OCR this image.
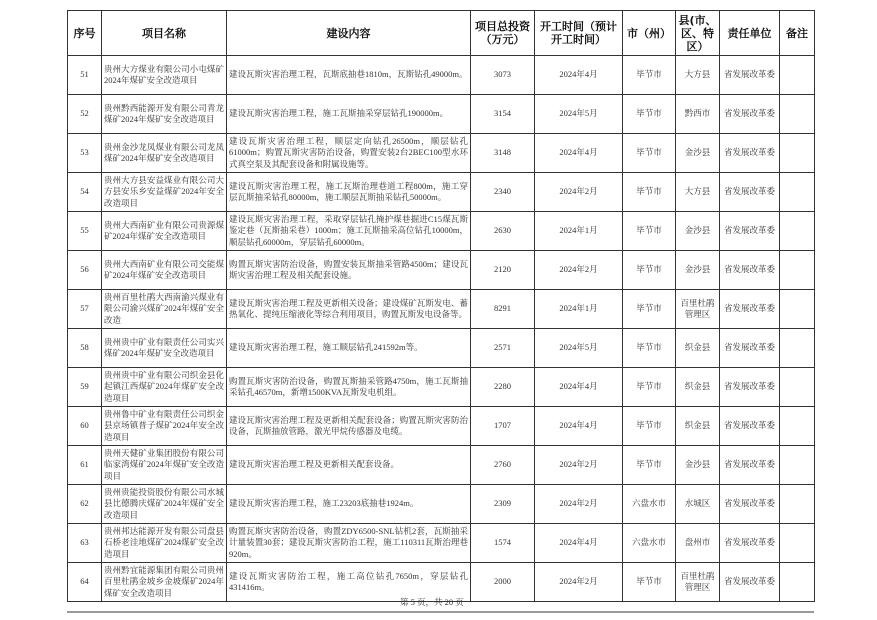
序号	项目名称	建设内容	项目总投资（万元）	开工时间（预计开工时间）	市（州）	县(市、区、特区）	责任单位	备注
51	贵州大方煤业有限公司小屯煤矿2024年煤矿安全改造项目	建设瓦斯灾害治理工程，瓦斯底抽巷1810m，瓦斯钻孔49000m。	3073	2024年4月	毕节市	大方县	省发展改革委	
52	贵州黔西能源开发有限公司青龙煤矿2024年煤矿安全改造项目	建设瓦斯灾害治理工程，施工瓦斯抽采穿层钻孔190000m。	3154	2024年5月	毕节市	黔西市	省发展改革委	
53	贵州金沙龙凤煤业有限公司龙凤煤矿2024年煤矿安全改造项目	建设瓦斯灾害治理工程，顺层定向钻孔26500m，顺层钻孔61000m；购置瓦斯灾害防治设备，购置安装2台2BEC100型水环式真空泵及其配套设备和附属设施等。	3148	2024年4月	毕节市	金沙县	省发展改革委	
54	贵州大方县安益煤业有限公司大方县安乐乡安益煤矿2024年安全改造项目	建设瓦斯灾害治理工程，施工瓦斯治理巷道工程800m，施工穿层瓦斯抽采钻孔80000m，施工顺层瓦斯抽采钻孔50000m。	2340	2024年2月	毕节市	大方县	省发展改革委	
55	贵州大西南矿业有限公司贵源煤矿2024年煤矿安全改造项目	建设瓦斯灾害治理工程，采取穿层钻孔掩护煤巷掘进C15煤瓦斯鉴定巷（瓦斯抽采巷）1000m；施工瓦斯抽采高位钻孔10000m，顺层钻孔60000m，穿层钻孔60000m。	2630	2024年1月	毕节市	金沙县	省发展改革委	
56	贵州大西南矿业有限公司交能煤矿2024年煤矿安全改造项目	购置瓦斯灾害防治设备，购置安装瓦斯抽采管路4500m；建设瓦斯灾害治理工程及相关配套设施。	2120	2024年2月	毕节市	金沙县	省发展改革委	
57	贵州百里杜鹃大西南渝兴煤业有限公司渝兴煤矿2024年煤矿安全改造	建设瓦斯灾害治理工程及更新相关设备；建设煤矿瓦斯发电、蓄热氧化、提纯压缩液化等综合利用项目，购置瓦斯发电设备等。	8291	2024年1月	毕节市	百里杜鹃管理区	省发展改革委	
58	贵州贵中矿业有限责任公司实兴煤矿2024年煤矿安全改造项目	建设瓦斯灾害治理工程，施工顺层钻孔241592m等。	2571	2024年5月	毕节市	织金县	省发展改革委	
59	贵州贵中矿业有限公司织金县化起镇江西煤矿2024年煤矿安全改造项目	购置瓦斯灾害防治设备，购置瓦斯抽采管路4750m，施工瓦斯抽采钻孔46570m，新增1500KVA瓦斯发电机组。	2280	2024年4月	毕节市	织金县	省发展改革委	
60	贵州鲁中矿业有限责任公司织金县京场镇普子煤矿2024年安全改造项目	建设瓦斯灾害治理工程及更新相关配套设备；购置瓦斯灾害防治设备，瓦斯抽放管路，激光甲烷传感器及电缆。	1707	2024年4月	毕节市	织金县	省发展改革委	
61	贵州天健矿业集团股份有限公司临家湾煤矿2024年煤矿安全改造项目	建设瓦斯灾害治理工程及更新相关配套设备。	2760	2024年2月	毕节市	金沙县	省发展改革委	
62	贵州贵能投资股份有限公司水城县比德腾庆煤矿2024年煤矿安全改造项目	建设瓦斯灾害治理工程，施工23203底抽巷1924m。	2309	2024年2月	六盘水市	水城区	省发展改革委	
63	贵州邦达能源开发有限公司盘县石桥老洼地煤矿2024煤矿安全改造项目	购置瓦斯灾害防治设备，购置ZDY6500-SNL钻机2套，瓦斯抽采计量装置30套；建设瓦斯灾害防治工程，施工110311瓦斯治理巷920m。	1574	2024年4月	六盘水市	盘州市	省发展改革委	
64	贵州黔宜能源集团有限公司贵州百里杜鹃金坡乡金坡煤矿2024年煤矿安全改造项目	建设瓦斯灾害防治工程，施工高位钻孔7650m，穿层钻孔431416m。	2000	2024年2月	毕节市	百里杜鹃管理区	省发展改革委	
第 5 页，共 20 页
